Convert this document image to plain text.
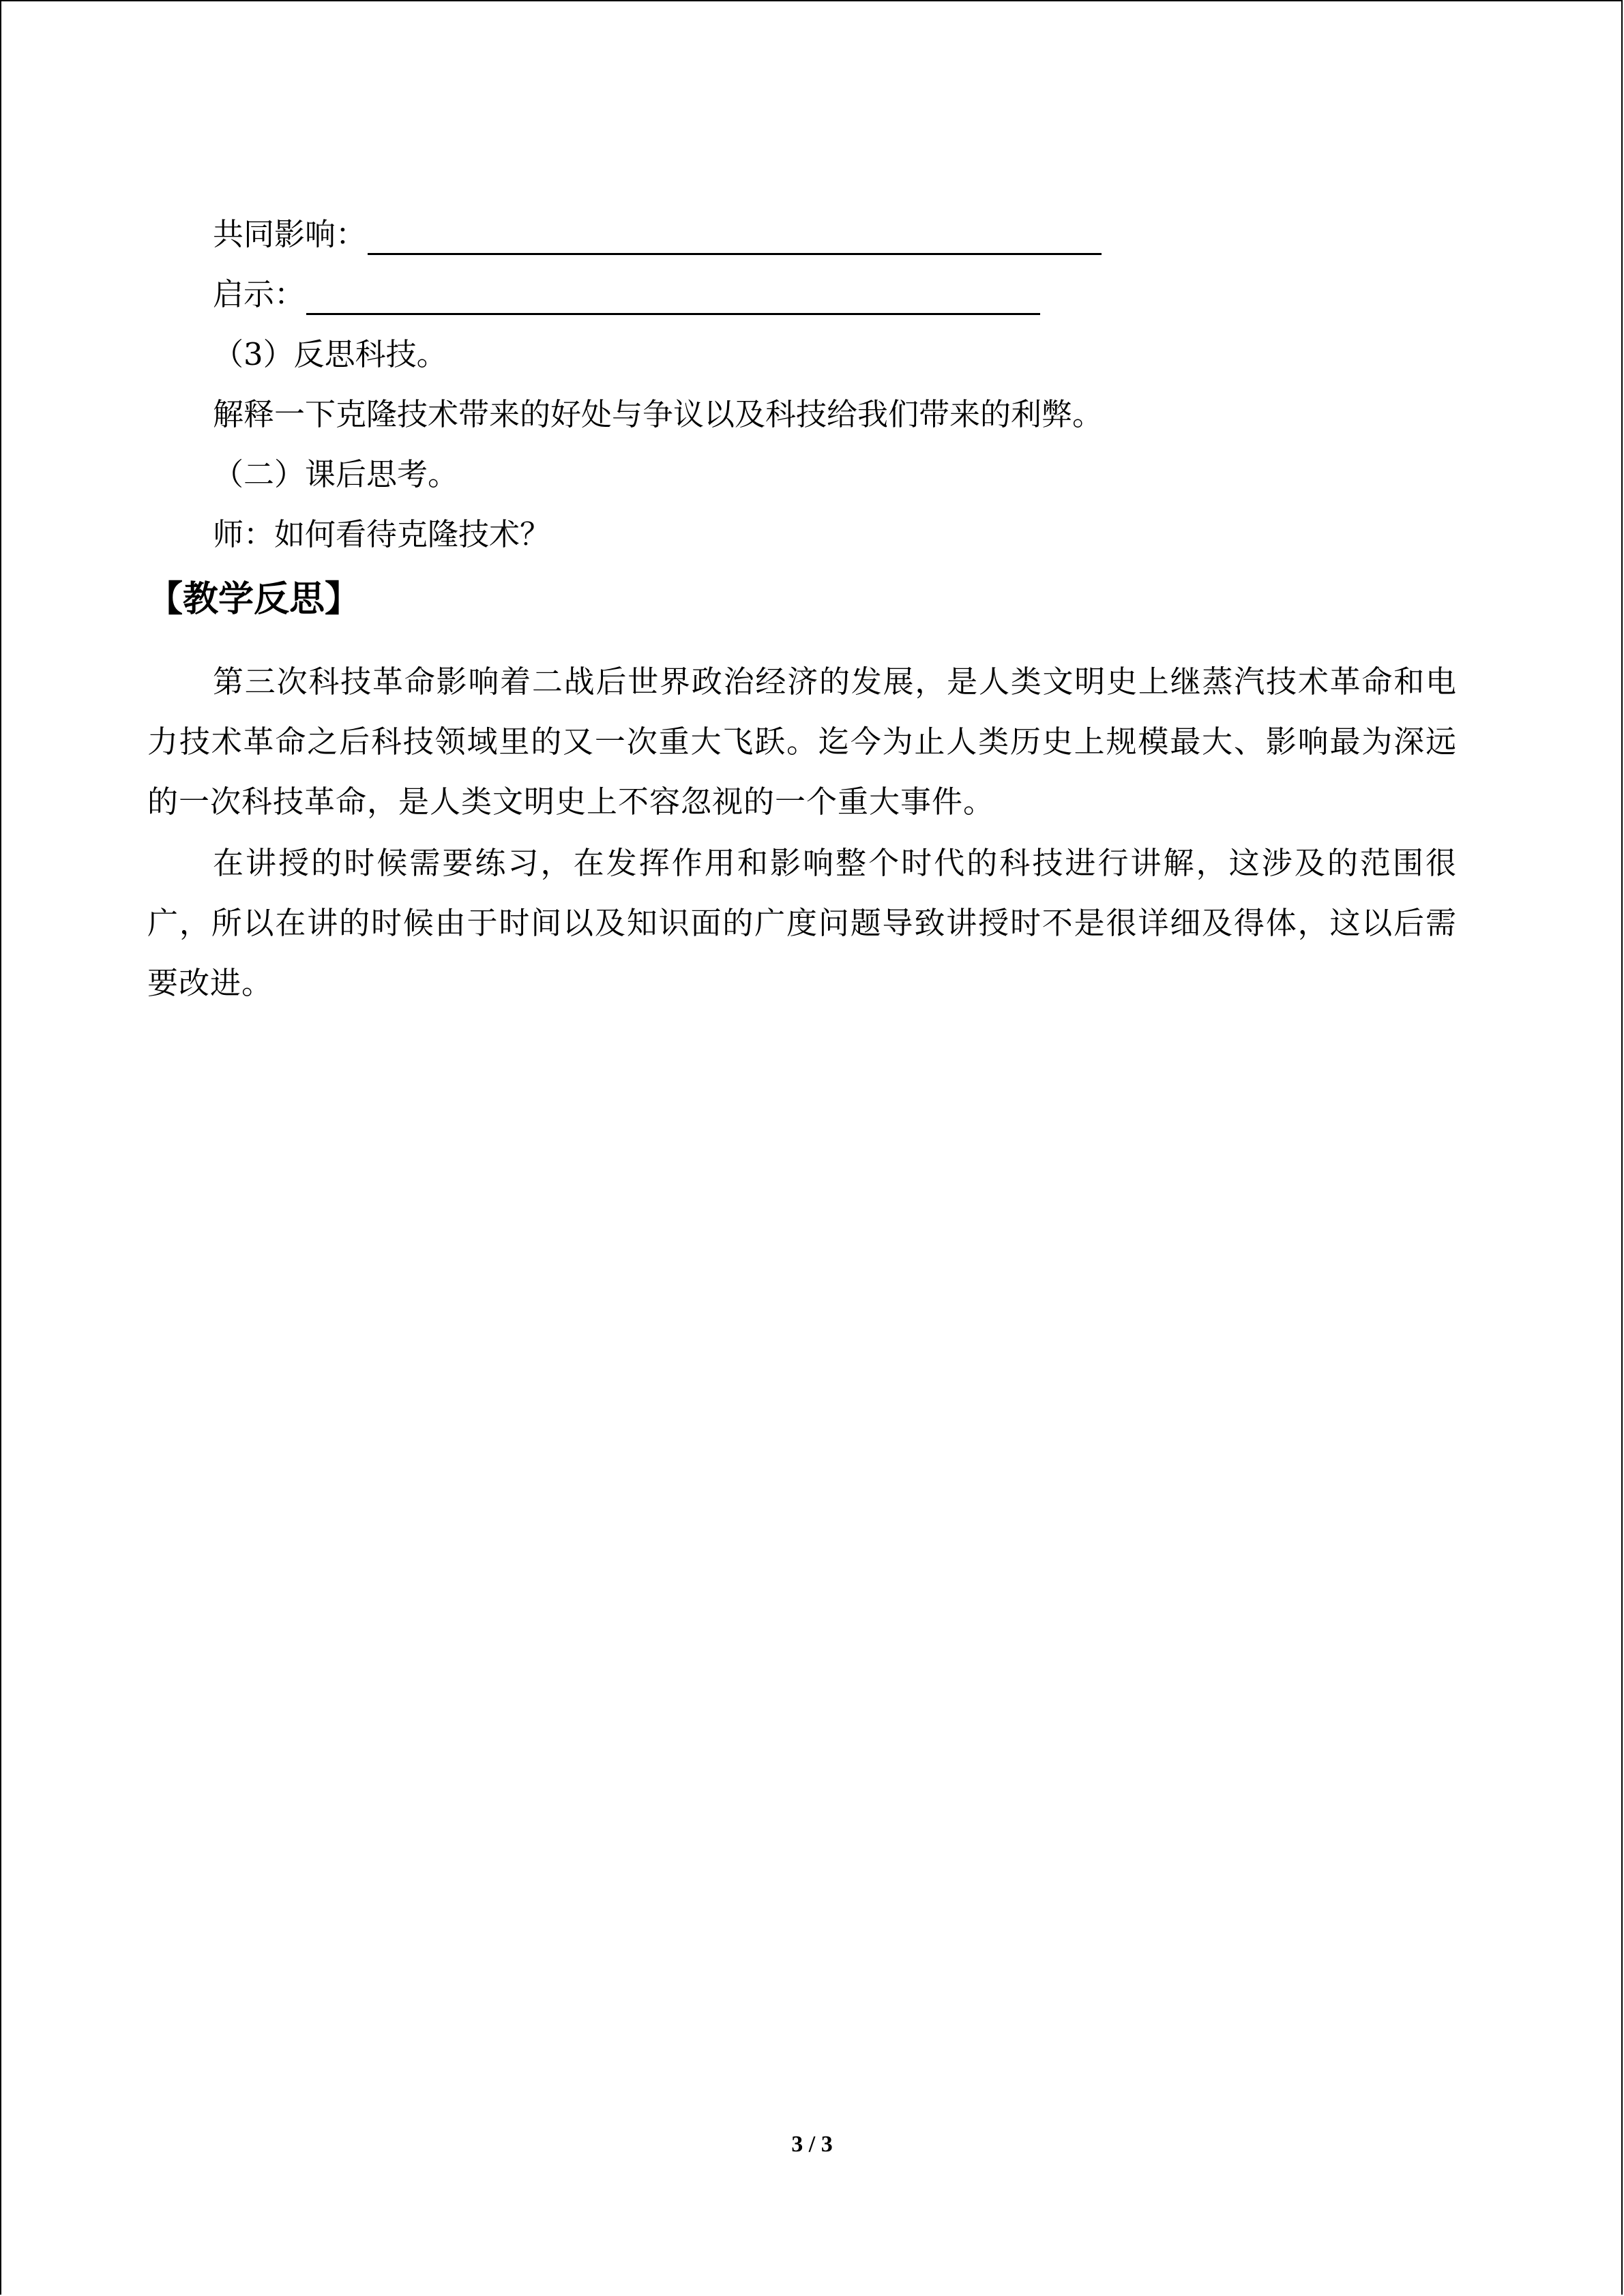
共同影响：
启示：
（3）反思科技。
解释一下克隆技术带来的好处与争议以及科技给我们带来的利弊。
（二）课后思考。
师：如何看待克隆技术？
【教学反思】
第三次科技革命影响着二战后世界政治经济的发展，是人类文明史上继蒸汽技术革命和电力技术革命之后科技领域里的又一次重大飞跃。迄今为止人类历史上规模最大、影响最为深远的一次科技革命，是人类文明史上不容忽视的一个重大事件。
在讲授的时候需要练习，在发挥作用和影响整个时代的科技进行讲解，这涉及的范围很广，所以在讲的时候由于时间以及知识面的广度问题导致讲授时不是很详细及得体，这以后需要改进。
3 / 3
